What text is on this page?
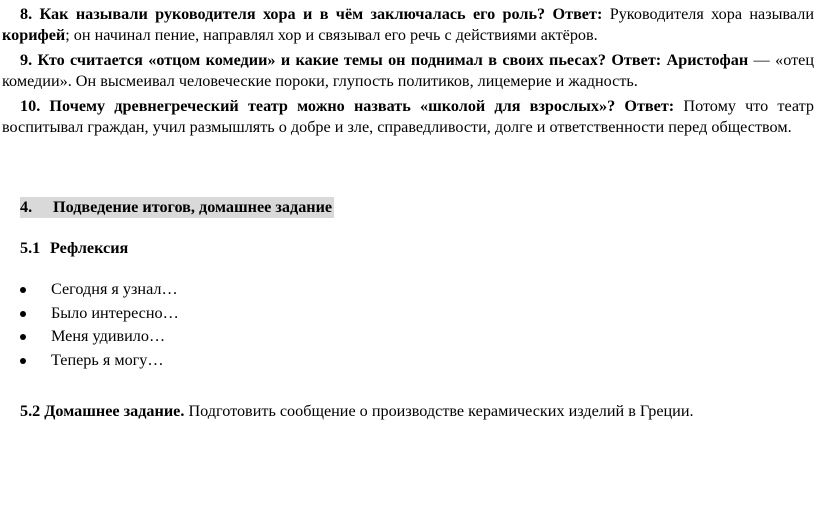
8. Как называли руководителя хора и в чём заключалась его роль? Ответ: Руководителя хора называли корифей; он начинал пение, направлял хор и связывал его речь с действиями актёров.

9. Кто считается «отцом комедии» и какие темы он поднимал в своих пьесах? Ответ: Аристофан — «отец комедии». Он высмеивал человеческие пороки, глупость политиков, лицемерие и жадность.

10. Почему древнегреческий театр можно назвать «школой для взрослых»? Ответ: Потому что театр воспитывал граждан, учил размышлять о добре и зле, справедливости, долге и ответственности перед обществом.

4. Подведение итогов, домашнее задание
5.1 Рефлексия
Сегодня я узнал…
Было интересно…
Меня удивило…
Теперь я могу…
5.2 Домашнее задание. Подготовить сообщение о производстве керамических изделий в Греции.
